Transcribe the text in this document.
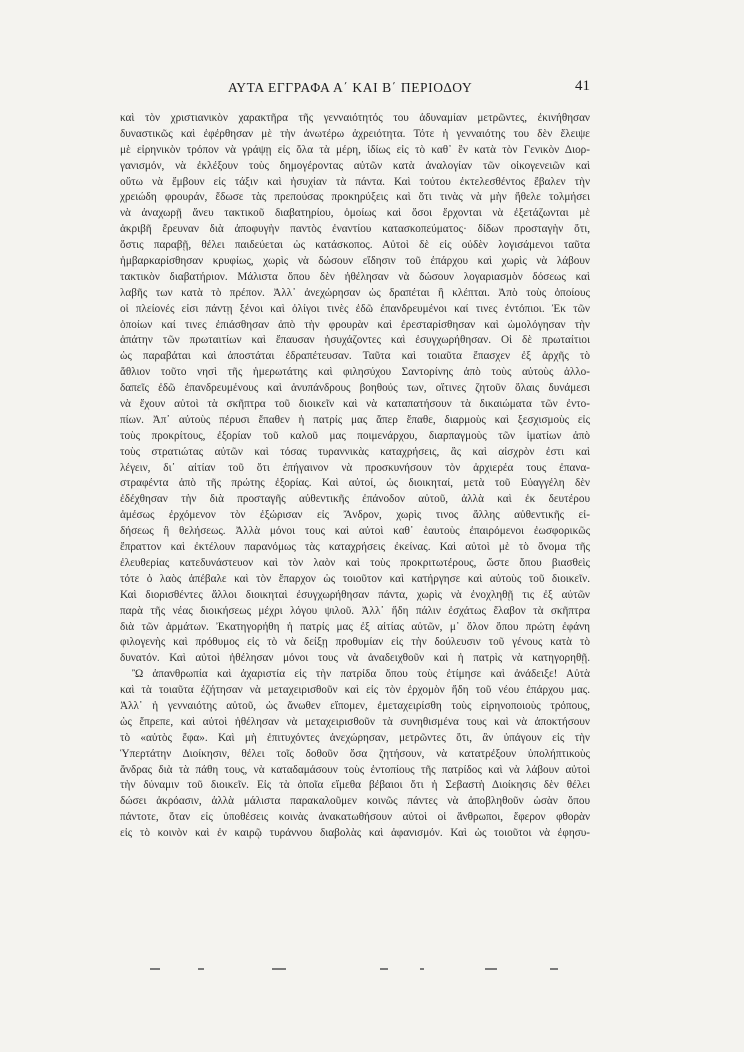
ΑΥΤΑ ΕΓΓΡΑΦΑ Α΄ ΚΑΙ Β΄ ΠΕΡΙΟΔΟΥ	41
καὶ τὸν χριστιανικὸν χαρακτῆρα τῆς γενναιότητός του ἀδυναμίαν μετρῶντες, ἐκινήθησαν
δυναστικῶς καὶ ἐφέρθησαν μὲ τὴν ἀνωτέρω ἀχρειότητα. Τότε ἡ γενναιότης του δὲν ἔλειψε
μὲ εἰρηνικὸν τρόπον νὰ γράψῃ εἰς ὅλα τὰ μέρη, ἰδίως εἰς τὸ καθ᾽ ἓν κατὰ τὸν Γενικὸν Διορ-
γανισμόν, νὰ ἐκλέξουν τοὺς δημογέροντας αὐτῶν κατὰ ἀναλογίαν τῶν οἰκογενειῶν καὶ
οὕτω νὰ ἔμβουν εἰς τάξιν καὶ ἡσυχίαν τὰ πάντα. Καὶ τούτου ἐκτελεσθέντος ἔβαλεν τὴν
χρειώδη φρουράν, ἔδωσε τὰς πρεπούσας προκηρύξεις καὶ ὅτι τινὰς νὰ μὴν ἤθελε τολμήσει
νὰ ἀναχωρῇ ἄνευ τακτικοῦ διαβατηρίου, ὁμοίως καὶ ὅσοι ἔρχονται νὰ ἐξετάζωνται μὲ
ἀκριβῆ ἔρευναν διὰ ἀποφυγὴν παντὸς ἐναντίου κατασκοπεύματος· δίδων προσταγὴν ὅτι,
ὅστις παραβῇ, θέλει παιδεύεται ὡς κατάσκοπος. Αὐτοὶ δὲ εἰς οὐδὲν λογισάμενοι ταῦτα
ἠμβαρκαρίσθησαν κρυφίως, χωρὶς νὰ δώσουν εἴδησιν τοῦ ἐπάρχου καὶ χωρὶς νὰ λάβουν
τακτικὸν διαβατήριον. Μάλιστα ὅπου δὲν ἠθέλησαν νὰ δώσουν λογαριασμὸν δόσεως καὶ
λαβῆς των κατὰ τὸ πρέπον. Ἀλλ᾽ ἀνεχώρησαν ὡς δραπέται ἢ κλέπται. Ἀπὸ τοὺς ὁποίους
οἱ πλείονές εἰσι πάντῃ ξένοι καὶ ὀλίγοι τινὲς ἐδῶ ἐπανδρευμένοι καί τινες ἐντόπιοι. Ἐκ τῶν
ὁποίων καί τινες ἐπιάσθησαν ἀπὸ τὴν φρουρὰν καὶ ἐρεσταρίσθησαν καὶ ὡμολόγησαν τὴν
ἀπάτην τῶν πρωταιτίων καὶ ἔπαυσαν ἡσυχάζοντες καὶ ἐσυγχωρήθησαν. Οἱ δὲ πρωταίτιοι
ὡς παραβάται καὶ ἀποστάται ἐδραπέτευσαν. Ταῦτα καὶ τοιαῦτα ἔπασχεν ἐξ ἀρχῆς τὸ
ἄθλιον τοῦτο νησὶ τῆς ἡμερωτάτης καὶ φιλησύχου Σαντορίνης ἀπὸ τοὺς αὐτοὺς ἀλλο-
δαπεῖς ἐδῶ ἐπανδρευμένους καὶ ἀνυπάνδρους βοηθούς των, οἵτινες ζητοῦν ὅλαις δυνάμεσι
νὰ ἔχουν αὐτοὶ τὰ σκῆπτρα τοῦ διοικεῖν καὶ νὰ καταπατήσουν τὰ δικαιώματα τῶν ἐντο-
πίων. Ἀπ᾽ αὐτοὺς πέρυσι ἔπαθεν ἡ πατρίς μας ἅπερ ἔπαθε, διαρμοὺς καὶ ξεσχισμοὺς εἰς
τοὺς προκρίτους, ἐξορίαν τοῦ καλοῦ μας ποιμενάρχου, διαρπαγμοὺς τῶν ἱματίων ἀπὸ
τοὺς στρατιώτας αὐτῶν καὶ τόσας τυραννικὰς καταχρήσεις, ἃς καὶ αἰσχρὸν ἐστι καὶ
λέγειν, δι᾽ αἰτίαν τοῦ ὅτι ἐπήγαινον νὰ προσκυνήσουν τὸν ἀρχιερέα τους ἐπανα-
στραφέντα ἀπὸ τῆς πρώτης ἐξορίας. Καὶ αὐτοί, ὡς διοικηταί, μετὰ τοῦ Εὐαγγέλη δὲν
ἐδέχθησαν τὴν διὰ προσταγῆς αὐθεντικῆς ἐπάνοδον αὐτοῦ, ἀλλὰ καὶ ἐκ δευτέρου
ἀμέσως ἐρχόμενον τὸν ἐξώρισαν εἰς Ἄνδρον, χωρὶς τινος ἄλλης αὐθεντικῆς εἰ-
δήσεως ἢ θελήσεως. Ἀλλὰ μόνοι τους καὶ αὐτοὶ καθ᾽ ἑαυτοὺς ἐπαιρόμενοι ἐωσφορικῶς
ἔπραττον καὶ ἐκτέλουν παρανόμως τὰς καταχρήσεις ἐκείνας. Καὶ αὐτοὶ μὲ τὸ ὄνομα τῆς
ἐλευθερίας κατεδυνάστευον καὶ τὸν λαὸν καὶ τοὺς προκριτωτέρους, ὥστε ὅπου βιασθεὶς
τότε ὁ λαὸς ἀπέβαλε καὶ τὸν ἔπαρχον ὡς τοιοῦτον καὶ κατήργησε καὶ αὐτοὺς τοῦ διοικεῖν.
Καὶ διορισθέντες ἄλλοι διοικηταὶ ἐσυγχωρήθησαν πάντα, χωρὶς νὰ ἐνοχληθῇ τις ἐξ αὐτῶν
παρὰ τῆς νέας διοικήσεως μέχρι λόγου ψιλοῦ. Ἀλλ᾽ ἤδη πάλιν ἐσχάτως ἔλαβον τὰ σκῆπτρα
διὰ τῶν ἁρμάτων. Ἐκατηγορήθη ἡ πατρίς μας ἐξ αἰτίας αὐτῶν, μ᾽ ὅλον ὅπου πρώτη ἐφάνη
φιλογενὴς καὶ πρόθυμος εἰς τὸ νὰ δείξῃ προθυμίαν εἰς τὴν δούλευσιν τοῦ γένους κατὰ τὸ
δυνατόν. Καὶ αὐτοὶ ἠθέλησαν μόνοι τους νὰ ἀναδειχθοῦν καὶ ἡ πατρὶς νὰ κατηγορηθῇ.
Ὢ ἀπανθρωπία καὶ ἀχαριστία εἰς τὴν πατρίδα ὅπου τοὺς ἐτίμησε καὶ ἀνάδειξε! Αὐτὰ
καὶ τὰ τοιαῦτα ἐζήτησαν νὰ μεταχειρισθοῦν καὶ εἰς τὸν ἐρχομὸν ἤδη τοῦ νέου ἐπάρχου μας.
Ἀλλ᾽ ἡ γενναιότης αὐτοῦ, ὡς ἄνωθεν εἴπομεν, ἐμεταχειρίσθη τοὺς εἰρηνοποιοὺς τρόπους,
ὡς ἔπρεπε, καὶ αὐτοὶ ἠθέλησαν νὰ μεταχειρισθοῦν τὰ συνηθισμένα τους καὶ νὰ ἀποκτήσουν
τὸ «αὐτὸς ἔφα». Καὶ μὴ ἐπιτυχόντες ἀνεχώρησαν, μετρῶντες ὅτι, ἂν ὑπάγουν εἰς τὴν
Ὑπερτάτην Διοίκησιν, θέλει τοῖς δοθοῦν ὅσα ζητήσουν, νὰ κατατρέξουν ὑπολήπτικοὺς
ἄνδρας διὰ τὰ πάθη τους, νὰ καταδαμάσουν τοὺς ἐντοπίους τῆς πατρίδος καὶ νὰ λάβουν αὐτοὶ
τὴν δύναμιν τοῦ διοικεῖν. Εἰς τὰ ὁποῖα εἴμεθα βέβαιοι ὅτι ἡ Σεβαστὴ Διοίκησις δὲν θέλει
δώσει ἀκρόασιν, ἀλλὰ μάλιστα παρακαλοῦμεν κοινῶς πάντες νὰ ἀποβληθοῦν ὡσὰν ὅπου
πάντοτε, ὅταν εἰς ὑποθέσεις κοινὰς ἀνακατωθήσουν αὐτοὶ οἱ ἄνθρωποι, ἔφερον φθορὰν
εἰς τὸ κοινὸν καὶ ἐν καιρῷ τυράννου διαβολὰς καὶ ἀφανισμόν. Καὶ ὡς τοιοῦτοι νὰ ἐφησυ-
